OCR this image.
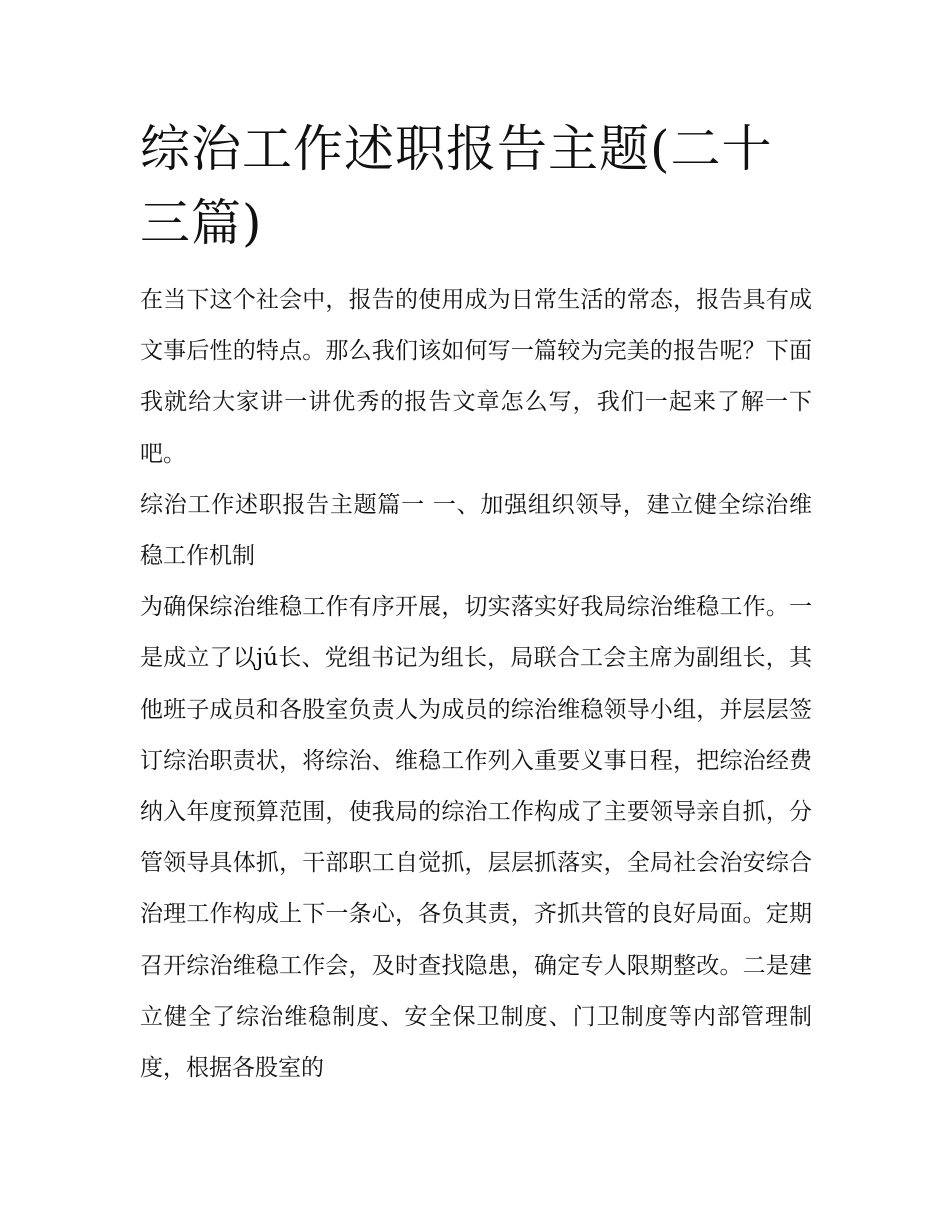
综治工作述职报告主题(二十三篇)

在当下这个社会中，报告的使用成为日常生活的常态，报告具有成文事后性的特点。那么我们该如何写一篇较为完美的报告呢？下面我就给大家讲一讲优秀的报告文章怎么写，我们一起来了解一下吧。

综治工作述职报告主题篇一 一、加强组织领导，建立健全综治维稳工作机制

为确保综治维稳工作有序开展，切实落实好我局综治维稳工作。一是成立了以jú长、党组书记为组长，局联合工会主席为副组长，其他班子成员和各股室负责人为成员的综治维稳领导小组，并层层签订综治职责状，将综治、维稳工作列入重要义事日程，把综治经费纳入年度预算范围，使我局的综治工作构成了主要领导亲自抓，分管领导具体抓，干部职工自觉抓，层层抓落实，全局社会治安综合治理工作构成上下一条心，各负其责，齐抓共管的良好局面。定期召开综治维稳工作会，及时查找隐患，确定专人限期整改。二是建立健全了综治维稳制度、安全保卫制度、门卫制度等内部管理制度，根据各股室的
